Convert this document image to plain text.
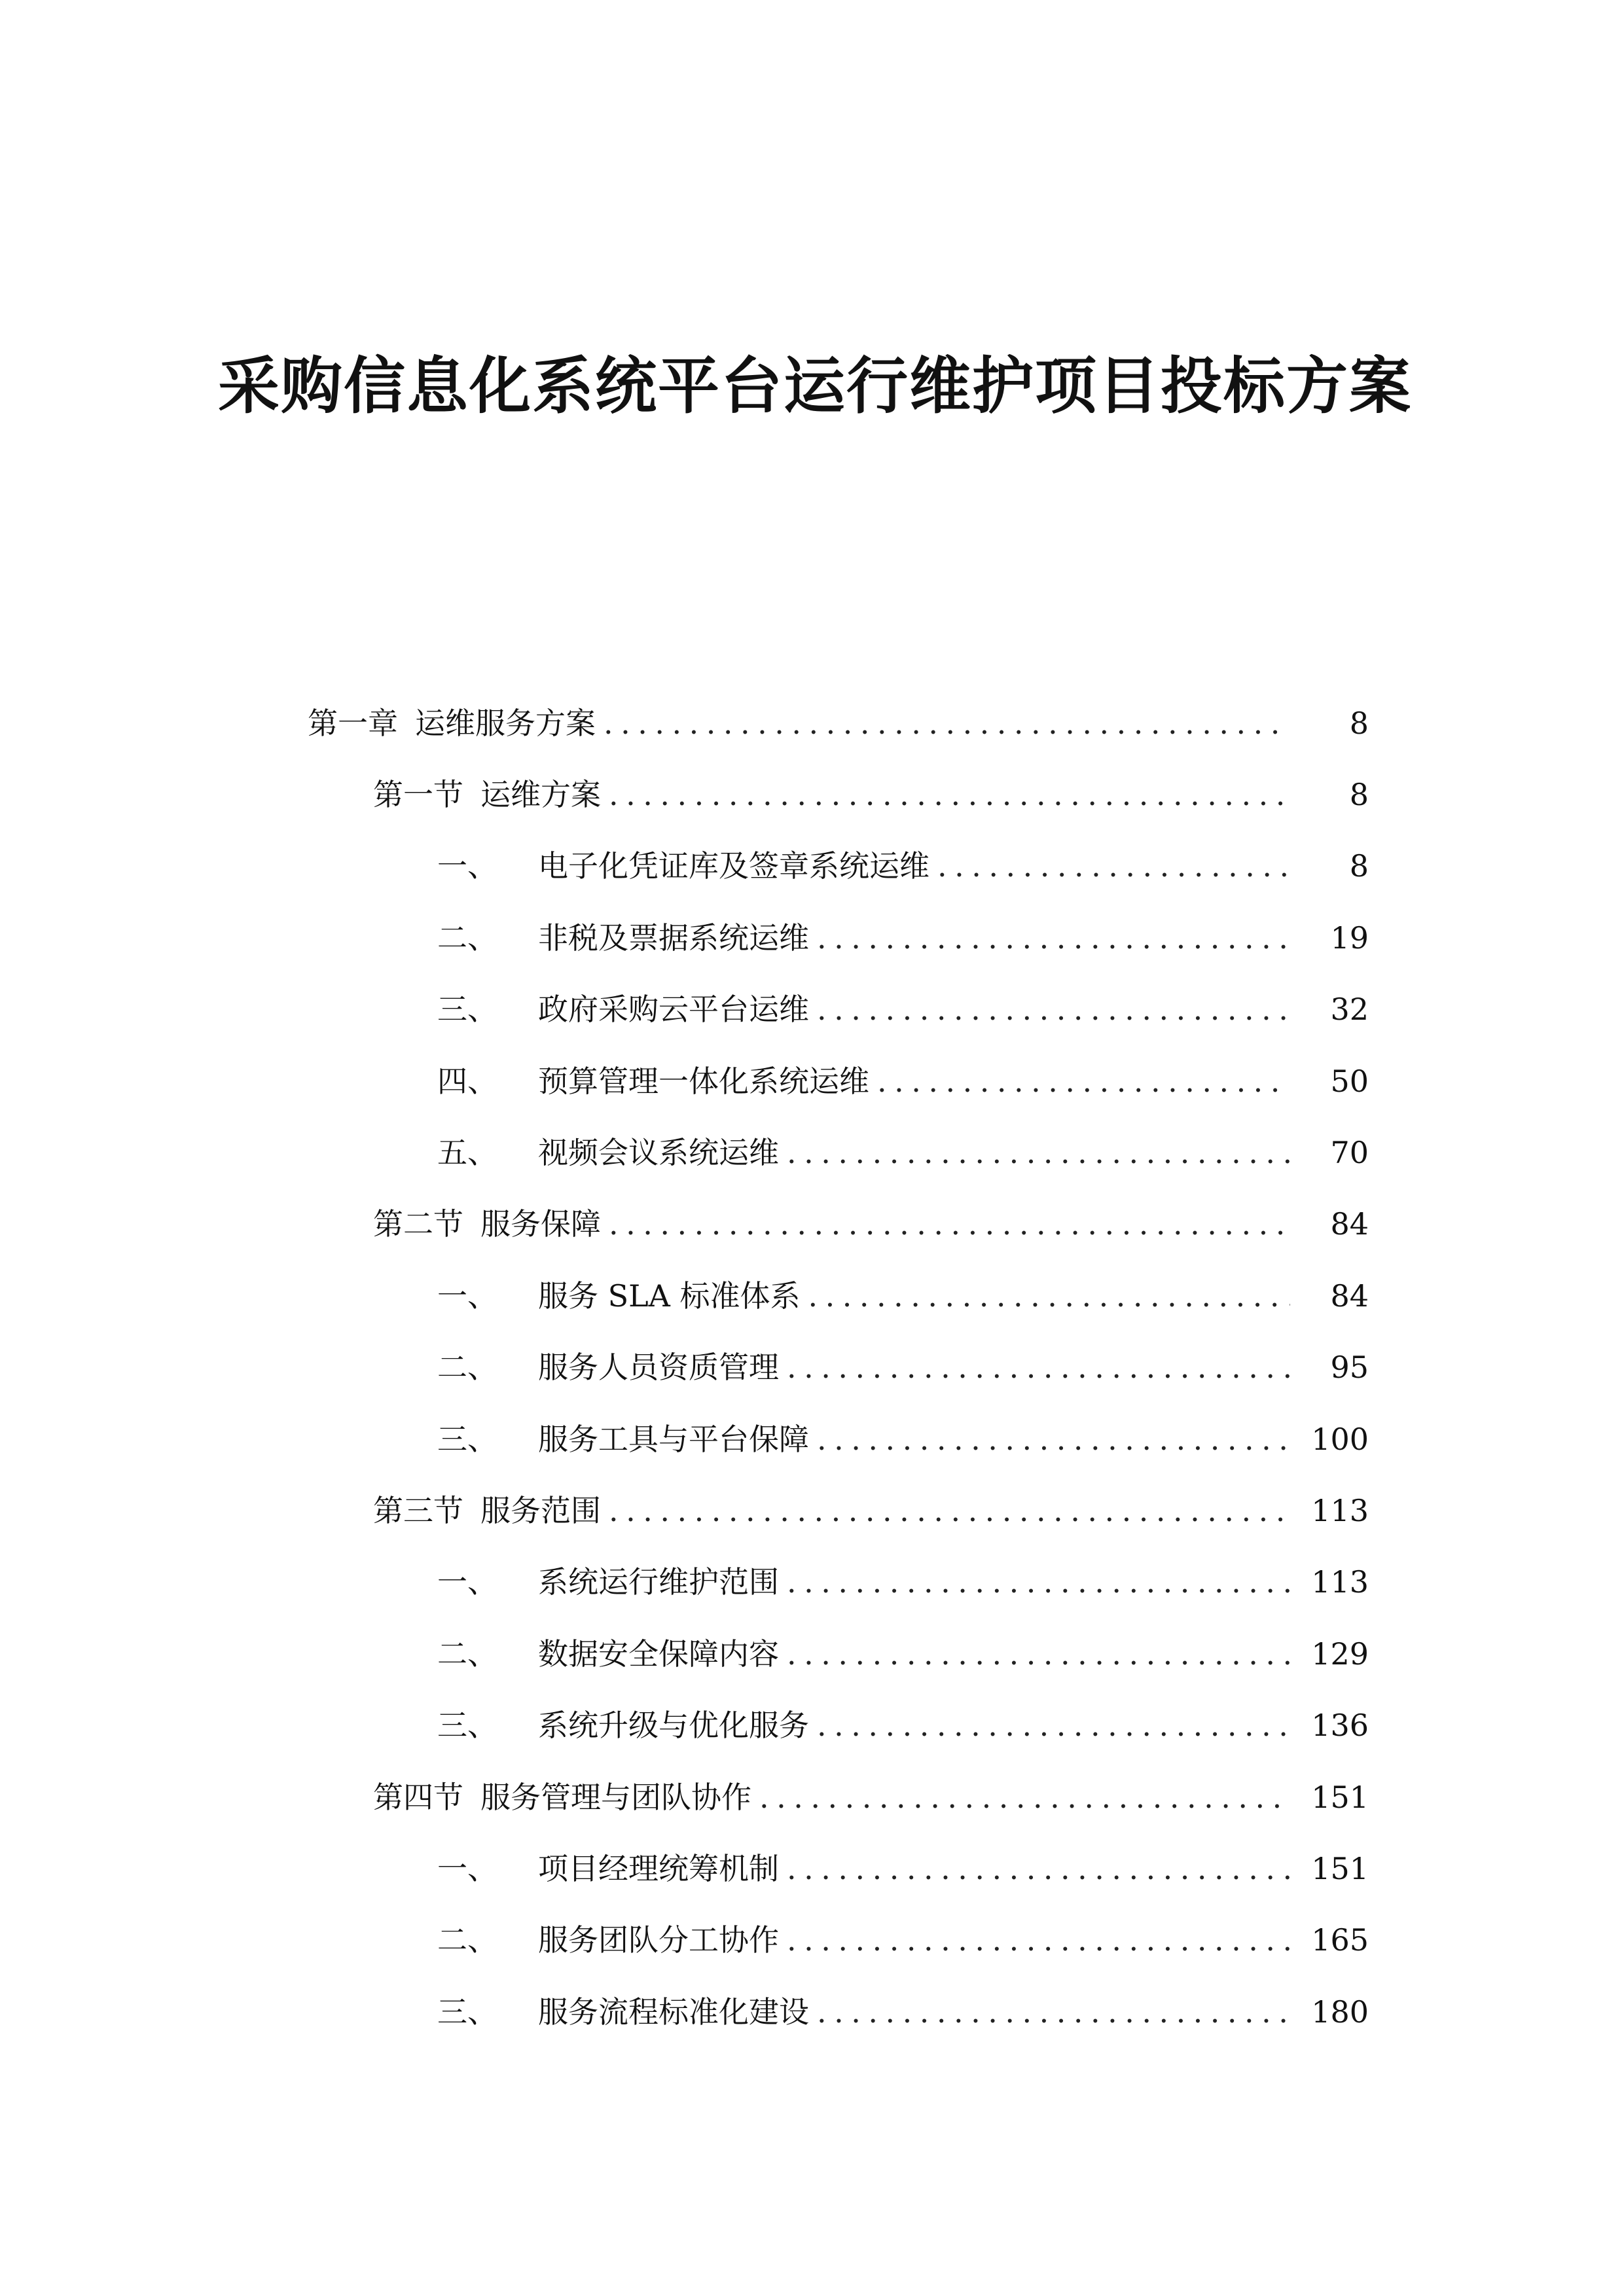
采购信息化系统平台运行维护项目投标方案
第一章 运维服务方案 .....	8
第一节 运维方案 .....	8
一、 电子化凭证库及签章系统运维 .....	8
二、 非税及票据系统运维 .....	19
三、 政府采购云平台运维 .....	32
四、 预算管理一体化系统运维 .....	50
五、 视频会议系统运维 .....	70
第二节 服务保障 .....	84
一、 服务 SLA 标准体系 .....	84
二、 服务人员资质管理 .....	95
三、 服务工具与平台保障 .....	100
第三节 服务范围 .....	113
一、 系统运行维护范围 .....	113
二、 数据安全保障内容 .....	129
三、 系统升级与优化服务 .....	136
第四节 服务管理与团队协作 .....	151
一、 项目经理统筹机制 .....	151
二、 服务团队分工协作 .....	165
三、 服务流程标准化建设 .....	180
